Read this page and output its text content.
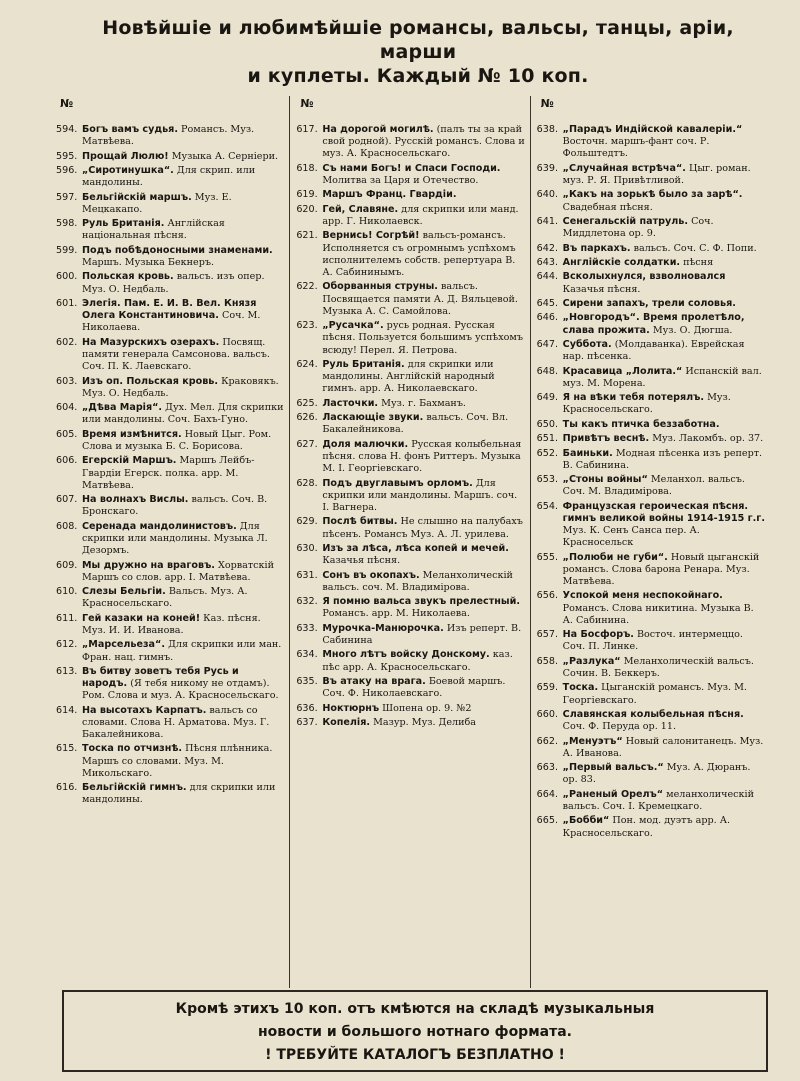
Новѣйшіе и любимѣйшіе романсы, вальсы, танцы, аріи, марши
и куплеты. Каждый № 10 коп.
№
594. Богъ вамъ судья. Романсъ. Муз. Матвѣева.
595. Прощай Люлю! Музыка А. Серніери.
596. „Сиротинушка“. Для скрип. или мандолины.
597. Бельгійскій маршъ. Муз. Е. Мецкакапо.
598. Руль Британія. Англійская національная пѣсня.
599. Подъ побѣдоносными знаменами. Маршъ. Музыка Бекнеръ.
600. Польская кровь. вальсъ. изъ опер. Муз. О. Недбаль.
601. Элегія. Пам. Е. И. В. Вел. Князя Олега Константиновича. Соч. М. Николаева.
602. На Мазурскихъ озерахъ. Посвящ. памяти генерала Самсонова. вальсъ. Соч. П. К. Лаевскаго.
603. Изъ оп. Польская кровь. Краковякъ. Муз. О. Недбаль.
604. „Дѣва Марія“. Дух. Мел. Для скрипки или мандолины. Соч. Бахъ-Гуно.
605. Время измѣнится. Новый Цыг. Ром. Слова и музыка Б. С. Борисова.
606. Егерскій Маршъ. Маршъ Лейбъ-Гвардіи Егерск. полка. арр. М. Матвѣева.
607. На волнахъ Вислы. вальсъ. Соч. В. Бронскаго.
608. Серенада мандолинистовъ. Для скрипки или мандолины. Музыка Л. Дезормъ.
609. Мы дружно на враговъ. Хорватскій Маршъ со слов. арр. І. Матвѣева.
610. Слезы Бельгіи. Вальсъ. Муз. А. Красносельскаго.
611. Гей казаки на коней! Каз. пѣсня. Муз. И. И. Иванова.
612. „Марсельеза“. Для скрипки или ман. Фран. нац. гимнъ.
613. Въ битву зоветъ тебя Русь и народъ. (Я тебя никому не отдамъ). Ром. Слова и муз. А. Красносельскаго.
614. На высотахъ Карпатъ. вальсъ со словами. Слова Н. Арматова. Муз. Г. Бакалейникова.
615. Тоска по отчизнѣ. Пѣсня плѣнника. Маршъ со словами. Муз. М. Микольскаго.
616. Бельгійскій гимнъ. для скрипки или мандолины.
№
617. На дорогой могилѣ. (палъ ты за край свой родной). Русскій романсъ. Слова и муз. А. Красносельскаго.
618. Съ нами Богъ! и Спаси Господи. Молитва за Царя и Отечество.
619. Маршъ Франц. Гвардіи.
620. Гей, Славяне. для скрипки или манд. арр. Г. Николаевск.
621. Вернись! Согрѣй! вальсъ-романсъ. Исполняется съ огромнымъ успѣхомъ исполнителемъ собств. репертуара В. А. Сабининымъ.
622. Оборванныя струны. вальсъ. Посвящается памяти А. Д. Вяльцевой. Музыка А. С. Самойлова.
623. „Русачка“. русь родная. Русская пѣсня. Пользуется большимъ успѣхомъ всюду! Перел. Я. Петрова.
624. Руль Британія. для скрипки или мандолины. Англійскій народный гимнъ. арр. А. Николаевскаго.
625. Ласточки. Муз. г. Бахманъ.
626. Ласкающіе звуки. вальсъ. Соч. Вл. Бакалейникова.
627. Доля малючки. Русская колыбельная пѣсня. слова Н. фонъ Риттеръ. Музыка М. І. Георгіевскаго.
628. Подъ двуглавымъ орломъ. Для скрипки или мандолины. Маршъ. соч. І. Вагнера.
629. Послѣ битвы. Не слышно на палубахъ пѣсенъ. Романсъ Муз. А. Л. урилева.
630. Изъ за лѣса, лѣса копей и мечей. Казачья пѣсня.
631. Сонъ въ окопахъ. Меланхолическій вальсъ. соч. М. Владимірова.
632. Я помню вальса звукъ прелестный. Романсъ. арр. М. Николаева.
633. Мурочка-Манюрочка. Изъ реперт. В. Сабинина
634. Много лѣтъ войску Донскому. каз. пѣс арр. А. Красносельскаго.
635. Въ атаку на врага. Боевой маршъ. Соч. Ф. Николаевскаго.
636. Ноктюрнъ Шопена ор. 9. №2
637. Копелія. Мазур. Муз. Делиба
№
638. „Парадъ Индійской кавалеріи.“ Восточн. маршъ-фант соч. Р. Фольштедтъ.
639. „Случайная встрѣча“. Цыг. роман. муз. Р. Я. Привѣтливой.
640. „Какъ на зорькѣ было за зарѣ“. Свадебная пѣсня.
641. Сенегальскій патруль. Соч. Миддлетона ор. 9.
642. Въ паркахъ. вальсъ. Соч. С. Ф. Попи.
643. Англійскіе солдатки. пѣсня
644. Всколыхнулся, взволновался Казачья пѣсня.
645. Сирени запахъ, трели соловья.
646. „Новгородъ“. Время пролетѣло, слава прожита. Муз. О. Дюгша.
647. Суббота. (Молдаванка). Еврейская нар. пѣсенка.
648. Красавица „Лолита.“ Испанскій вал. муз. М. Морена.
649. Я на вѣки тебя потерялъ. Муз. Красносельскаго.
650. Ты какъ птичка беззаботна.
651. Привѣтъ веснѣ. Муз. Лакомбъ. ор. 37.
652. Баиньки. Модная пѣсенка изъ реперт. В. Сабинина.
653. „Стоны войны“ Меланхол. вальсъ. Соч. М. Владимірова.
654. Французская героическая пѣсня. гимнъ великой войны 1914-1915 г.г. Муз. К. Сенъ Санса пер. А. Красносельск
655. „Полюби не губи“. Новый цыганскій романсъ. Слова барона Ренара. Муз. Матвѣева.
656. Успокой меня неспокойнаго. Романсъ. Слова никитина. Музыка В. А. Сабинина.
657. На Босфоръ. Восточ. интермеццо. Соч. П. Линке.
658. „Разлука“ Меланхолическій вальсъ. Сочин. В. Беккеръ.
659. Тоска. Цыганскій романсъ. Муз. М. Георгіевскаго.
660. Славянская колыбельная пѣсня. Соч. Ф. Перуда ор. 11.
662. „Менуэтъ“ Новый салонитанецъ. Муз. А. Иванова.
663. „Первый вальсъ.“ Муз. А. Дюранъ. ор. 83.
664. „Раненый Орелъ“ меланхолическій вальсъ. Соч. І. Кремецкаго.
665. „Бобби“ Пон. мод. дуэтъ арр. А. Красносельскаго.
Кромѣ этихъ 10 коп. отъ кмѣются на складѣ музыкальныя
новости и большого нотнаго формата.
! ТРЕБУЙТЕ КАТАЛОГЪ БЕЗПЛАТНО !
